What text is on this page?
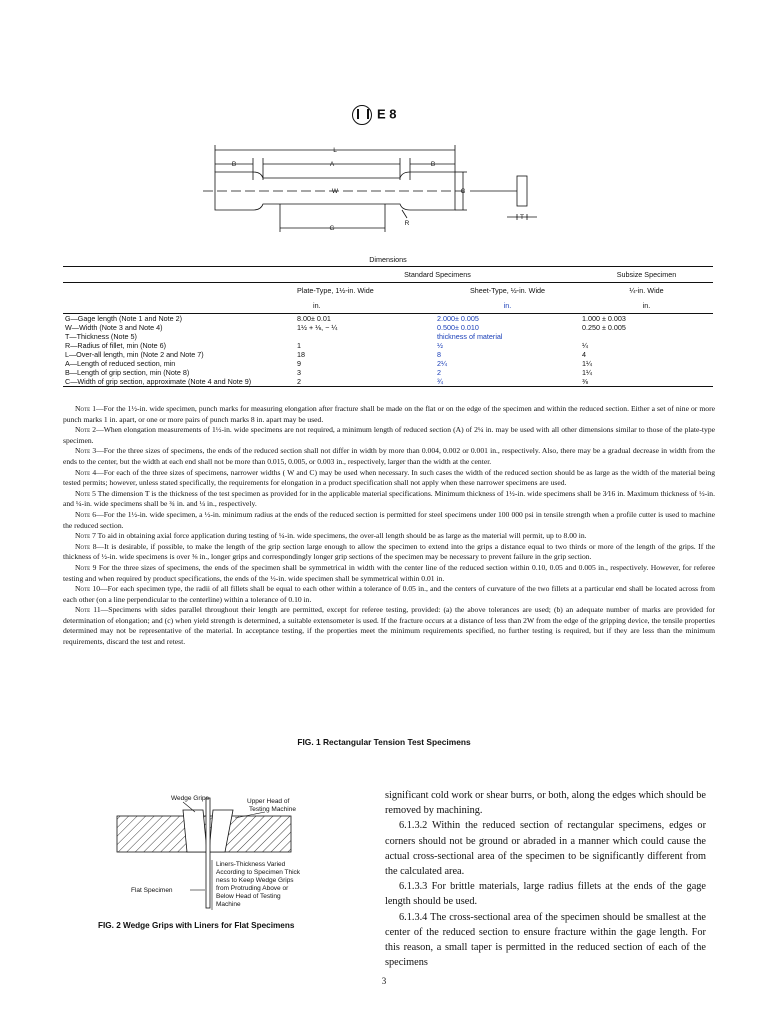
E 8
L
B	A	B
W	C
G
R
T
Dimensions
	Standard Specimens		Subsize Specimen
	Plate-Type, 1½-in. Wide	Sheet-Type, ½-in. Wide	¼-in. Wide
	in.	in.	in.
G—Gage length (Note 1 and Note 2)	8.00± 0.01	2.000± 0.005	1.000 ± 0.003
W—Width (Note 3 and Note 4)	1½ + ⅛, − ¼	0.500± 0.010	0.250 ± 0.005
T—Thickness (Note 5)		thickness of material	
R—Radius of fillet, min (Note 6)	1	½	¼
L—Over-all length, min (Note 2 and Note 7)	18	8	4
A—Length of reduced section, min	9	2¼	1¼
B—Length of grip section, min (Note 8)	3	2	1¼
C—Width of grip section, approximate (Note 4 and Note 9)	2	¾	⅜

Note 1—For the 1½-in. wide specimen, punch marks for measuring elongation after fracture shall be made on the flat or on the edge of the specimen and within the reduced section. Either a set of nine or more punch marks 1 in. apart, or one or more pairs of punch marks 8 in. apart may be used.

Note 2—When elongation measurements of 1½-in. wide specimens are not required, a minimum length of reduced section (A) of 2¼ in. may be used with all other dimensions similar to those of the plate-type specimen.

Note 3—For the three sizes of specimens, the ends of the reduced section shall not differ in width by more than 0.004, 0.002 or 0.001 in., respectively. Also, there may be a gradual decrease in width from the ends to the center, but the width at each end shall not be more than 0.015, 0.005, or 0.003 in., respectively, larger than the width at the center.

Note 4—For each of the three sizes of specimens, narrower widths ( W and C) may be used when necessary. In such cases the width of the reduced section should be as large as the width of the material being tested permits; however, unless stated specifically, the requirements for elongation in a product specification shall not apply when these narrower specimens are used.

Note 5 The dimension T is the thickness of the test specimen as provided for in the applicable material specifications. Minimum thickness of 1½-in. wide specimens shall be 3⁄16 in. Maximum thickness of ½-in. and ¼-in. wide specimens shall be ¾ in. and ¼ in., respectively.

Note 6—For the 1½-in. wide specimen, a ½-in. minimum radius at the ends of the reduced section is permitted for steel specimens under 100 000 psi in tensile strength when a profile cutter is used to machine the reduced section.

Note 7 To aid in obtaining axial force application during testing of ¼-in. wide specimens, the over-all length should be as large as the material will permit, up to 8.00 in.

Note 8—It is desirable, if possible, to make the length of the grip section large enough to allow the specimen to extend into the grips a distance equal to two thirds or more of the length of the grips. If the thickness of ½-in. wide specimens is over ⅜ in., longer grips and correspondingly longer grip sections of the specimen may be necessary to prevent failure in the grip section.

Note 9 For the three sizes of specimens, the ends of the specimen shall be symmetrical in width with the center line of the reduced section within 0.10, 0.05 and 0.005 in., respectively. However, for referee testing and when required by product specifications, the ends of the ½-in. wide specimen shall be symmetrical within 0.01 in.

Note 10—For each specimen type, the radii of all fillets shall be equal to each other within a tolerance of 0.05 in., and the centers of curvature of the two fillets at a particular end shall be located across from each other (on a line perpendicular to the centerline) within a tolerance of 0.10 in.

Note 11—Specimens with sides parallel throughout their length are permitted, except for referee testing, provided: (a) the above tolerances are used; (b) an adequate number of marks are provided for determination of elongation; and (c) when yield strength is determined, a suitable extensometer is used. If the fracture occurs at a distance of less than 2W from the edge of the gripping device, the tensile properties determined may not be representative of the material. In acceptance testing, if the properties meet the minimum requirements specified, no further testing is required, but if they are less than the minimum requirements, discard the test and retest.

FIG. 1 Rectangular Tension Test Specimens
Wedge Grips	Upper Head of
Testing Machine
Flat Specimen
Liners-Thickness Varied
According to Specimen Thick
ness to Keep Wedge Grips
from Protruding Above or
Below Head of Testing
Machine
FIG. 2 Wedge Grips with Liners for Flat Specimens

significant cold work or shear burrs, or both, along the edges which should be removed by machining.

6.1.3.2 Within the reduced section of rectangular specimens, edges or corners should not be ground or abraded in a manner which could cause the actual cross-sectional area of the specimen to be significantly different from the calculated area.

6.1.3.3 For brittle materials, large radius fillets at the ends of the gage length should be used.

6.1.3.4 The cross-sectional area of the specimen should be smallest at the center of the reduced section to ensure fracture within the gage length. For this reason, a small taper is permitted in the reduced section of each of the specimens

3
